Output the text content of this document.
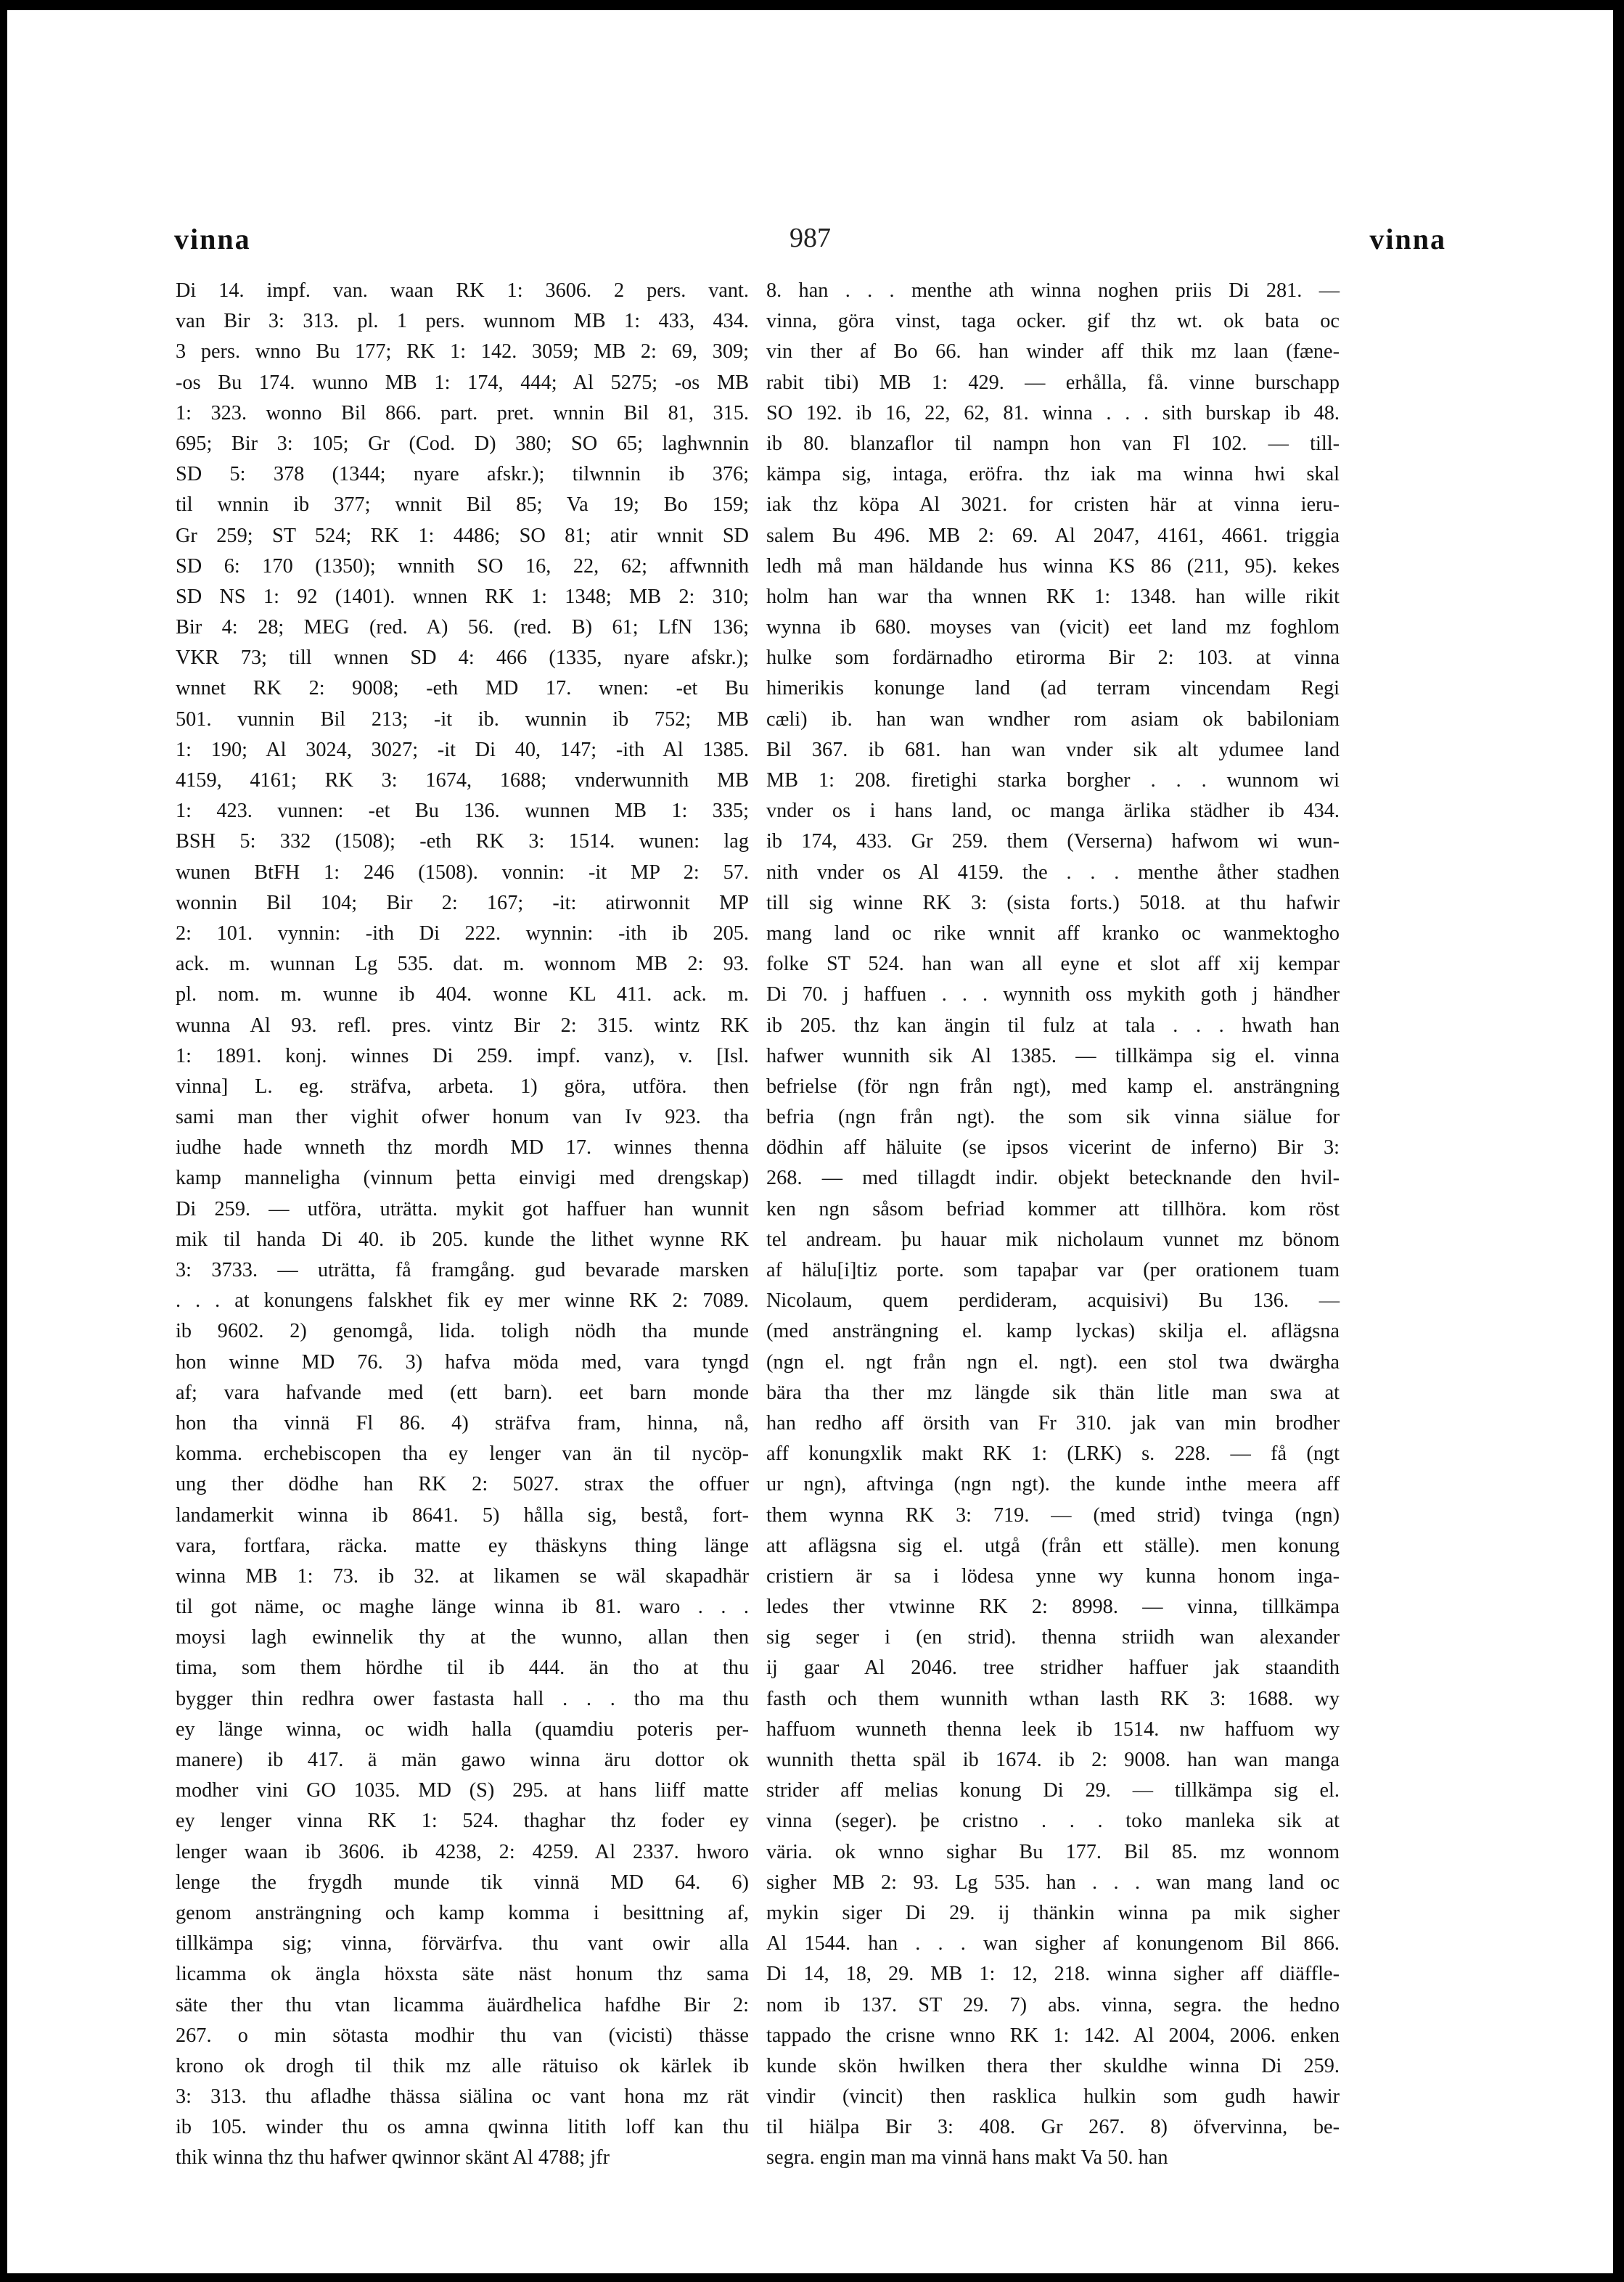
vinna	987	vinna
Di 14. impf. van. waan RK 1: 3606. 2 pers. vant.
van Bir 3: 313. pl. 1 pers. wunnom MB 1: 433, 434.
3 pers. wnno Bu 177; RK 1: 142. 3059; MB 2: 69, 309;
-os Bu 174. wunno MB 1: 174, 444; Al 5275; -os MB
1: 323. wonno Bil 866. part. pret. wnnin Bil 81, 315.
695; Bir 3: 105; Gr (Cod. D) 380; SO 65; laghwnnin
SD 5: 378 (1344; nyare afskr.); tilwnnin ib 376;
til wnnin ib 377; wnnit Bil 85; Va 19; Bo 159;
Gr 259; ST 524; RK 1: 4486; SO 81; atir wnnit SD
SD 6: 170 (1350); wnnith SO 16, 22, 62; affwnnith
SD NS 1: 92 (1401). wnnen RK 1: 1348; MB 2: 310;
Bir 4: 28; MEG (red. A) 56. (red. B) 61; LfN 136;
VKR 73; till wnnen SD 4: 466 (1335, nyare afskr.);
wnnet RK 2: 9008; -eth MD 17. wnen: -et Bu
501. vunnin Bil 213; -it ib. wunnin ib 752; MB
1: 190; Al 3024, 3027; -it Di 40, 147; -ith Al 1385.
4159, 4161; RK 3: 1674, 1688; vnderwunnith MB
1: 423. vunnen: -et Bu 136. wunnen MB 1: 335;
BSH 5: 332 (1508); -eth RK 3: 1514. wunen: lag
wunen BtFH 1: 246 (1508). vonnin: -it MP 2: 57.
wonnin Bil 104; Bir 2: 167; -it: atirwonnit MP
2: 101. vynnin: -ith Di 222. wynnin: -ith ib 205.
ack. m. wunnan Lg 535. dat. m. wonnom MB 2: 93.
pl. nom. m. wunne ib 404. wonne KL 411. ack. m.
wunna Al 93. refl. pres. vintz Bir 2: 315. wintz RK
1: 1891. konj. winnes Di 259. impf. vanz), v. [Isl.
vinna] L. eg. sträfva, arbeta. 1) göra, utföra. then
sami man ther vighit ofwer honum van Iv 923. tha
iudhe hade wnneth thz mordh MD 17. winnes thenna
kamp manneligha (vinnum þetta einvigi med drengskap)
Di 259. — utföra, uträtta. mykit got haffuer han wunnit
mik til handa Di 40. ib 205. kunde the lithet wynne RK
3: 3733. — uträtta, få framgång. gud bevarade marsken
. . . at konungens falskhet fik ey mer winne RK 2: 7089.
ib 9602. 2) genomgå, lida. toligh nödh tha munde
hon winne MD 76. 3) hafva möda med, vara tyngd
af; vara hafvande med (ett barn). eet barn monde
hon tha vinnä Fl 86. 4) sträfva fram, hinna, nå,
komma. erchebiscopen tha ey lenger van än til nycöp-
ung ther dödhe han RK 2: 5027. strax the offuer
landamerkit winna ib 8641. 5) hålla sig, bestå, fort-
vara, fortfara, räcka. matte ey thäskyns thing länge
winna MB 1: 73. ib 32. at likamen se wäl skapadhär
til got näme, oc maghe länge winna ib 81. waro . . .
moysi lagh ewinnelik thy at the wunno, allan then
tima, som them hördhe til ib 444. än tho at thu
bygger thin redhra ower fastasta hall . . . tho ma thu
ey länge winna, oc widh halla (quamdiu poteris per-
manere) ib 417. ä män gawo winna äru dottor ok
modher vini GO 1035. MD (S) 295. at hans liiff matte
ey lenger vinna RK 1: 524. thaghar thz foder ey
lenger waan ib 3606. ib 4238, 2: 4259. Al 2337. hworo
lenge the frygdh munde tik vinnä MD 64. 6)
genom ansträngning och kamp komma i besittning af,
tillkämpa sig; vinna, förvärfva. thu vant owir alla
licamma ok ängla höxsta säte näst honum thz sama
säte ther thu vtan licamma äuärdhelica hafdhe Bir 2:
267. o min sötasta modhir thu van (vicisti) thässe
krono ok drogh til thik mz alle rätuiso ok kärlek ib
3: 313. thu afladhe thässa siälina oc vant hona mz rät
ib 105. winder thu os amna qwinna litith loff kan thu
thik winna thz thu hafwer qwinnor skänt Al 4788; jfr
8. han . . . menthe ath winna noghen priis Di 281. —
vinna, göra vinst, taga ocker. gif thz wt. ok bata oc
vin ther af Bo 66. han winder aff thik mz laan (fæne-
rabit tibi) MB 1: 429. — erhålla, få. vinne burschapp
SO 192. ib 16, 22, 62, 81. winna . . . sith burskap ib 48.
ib 80. blanzaflor til nampn hon van Fl 102. — till-
kämpa sig, intaga, eröfra. thz iak ma winna hwi skal
iak thz köpa Al 3021. for cristen här at vinna ieru-
salem Bu 496. MB 2: 69. Al 2047, 4161, 4661. triggia
ledh må man häldande hus winna KS 86 (211, 95). kekes
holm han war tha wnnen RK 1: 1348. han wille rikit
wynna ib 680. moyses van (vicit) eet land mz foghlom
hulke som fordärnadho etirorma Bir 2: 103. at vinna
himerikis konunge land (ad terram vincendam Regi
cæli) ib. han wan wndher rom asiam ok babiloniam
Bil 367. ib 681. han wan vnder sik alt ydumee land
MB 1: 208. firetighi starka borgher . . . wunnom wi
vnder os i hans land, oc manga ärlika städher ib 434.
ib 174, 433. Gr 259. them (Verserna) hafwom wi wun-
nith vnder os Al 4159. the . . . menthe åther stadhen
till sig winne RK 3: (sista forts.) 5018. at thu hafwir
mang land oc rike wnnit aff kranko oc wanmektogho
folke ST 524. han wan all eyne et slot aff xij kempar
Di 70. j haffuen . . . wynnith oss mykith goth j händher
ib 205. thz kan ängin til fulz at tala . . . hwath han
hafwer wunnith sik Al 1385. — tillkämpa sig el. vinna
befrielse (för ngn från ngt), med kamp el. ansträngning
befria (ngn från ngt). the som sik vinna siälue for
dödhin aff häluite (se ipsos vicerint de inferno) Bir 3:
268. — med tillagdt indir. objekt betecknande den hvil-
ken ngn såsom befriad kommer att tillhöra. kom röst
tel andream. þu hauar mik nicholaum vunnet mz bönom
af hälu[i]tiz porte. som tapaþar var (per orationem tuam
Nicolaum, quem perdideram, acquisivi) Bu 136. —
(med ansträngning el. kamp lyckas) skilja el. aflägsna
(ngn el. ngt från ngn el. ngt). een stol twa dwärgha
bära tha ther mz längde sik thän litle man swa at
han redho aff örsith van Fr 310. jak van min brodher
aff konungxlik makt RK 1: (LRK) s. 228. — få (ngt
ur ngn), aftvinga (ngn ngt). the kunde inthe meera aff
them wynna RK 3: 719. — (med strid) tvinga (ngn)
att aflägsna sig el. utgå (från ett ställe). men konung
cristiern är sa i lödesa ynne wy kunna honom inga-
ledes ther vtwinne RK 2: 8998. — vinna, tillkämpa
sig seger i (en strid). thenna striidh wan alexander
ij gaar Al 2046. tree stridher haffuer jak staandith
fasth och them wunnith wthan lasth RK 3: 1688. wy
haffuom wunneth thenna leek ib 1514. nw haffuom wy
wunnith thetta späl ib 1674. ib 2: 9008. han wan manga
strider aff melias konung Di 29. — tillkämpa sig el.
vinna (seger). þe cristno . . . toko manleka sik at
väria. ok wnno sighar Bu 177. Bil 85. mz wonnom
sigher MB 2: 93. Lg 535. han . . . wan mang land oc
mykin siger Di 29. ij thänkin winna pa mik sigher
Al 1544. han . . . wan sigher af konungenom Bil 866.
Di 14, 18, 29. MB 1: 12, 218. winna sigher aff diäffle-
nom ib 137. ST 29. 7) abs. vinna, segra. the hedno
tappado the crisne wnno RK 1: 142. Al 2004, 2006. enken
kunde skön hwilken thera ther skuldhe winna Di 259.
vindir (vincit) then rasklica hulkin som gudh hawir
til hiälpa Bir 3: 408. Gr 267. 8) öfvervinna, be-
segra. engin man ma vinnä hans makt Va 50. han
